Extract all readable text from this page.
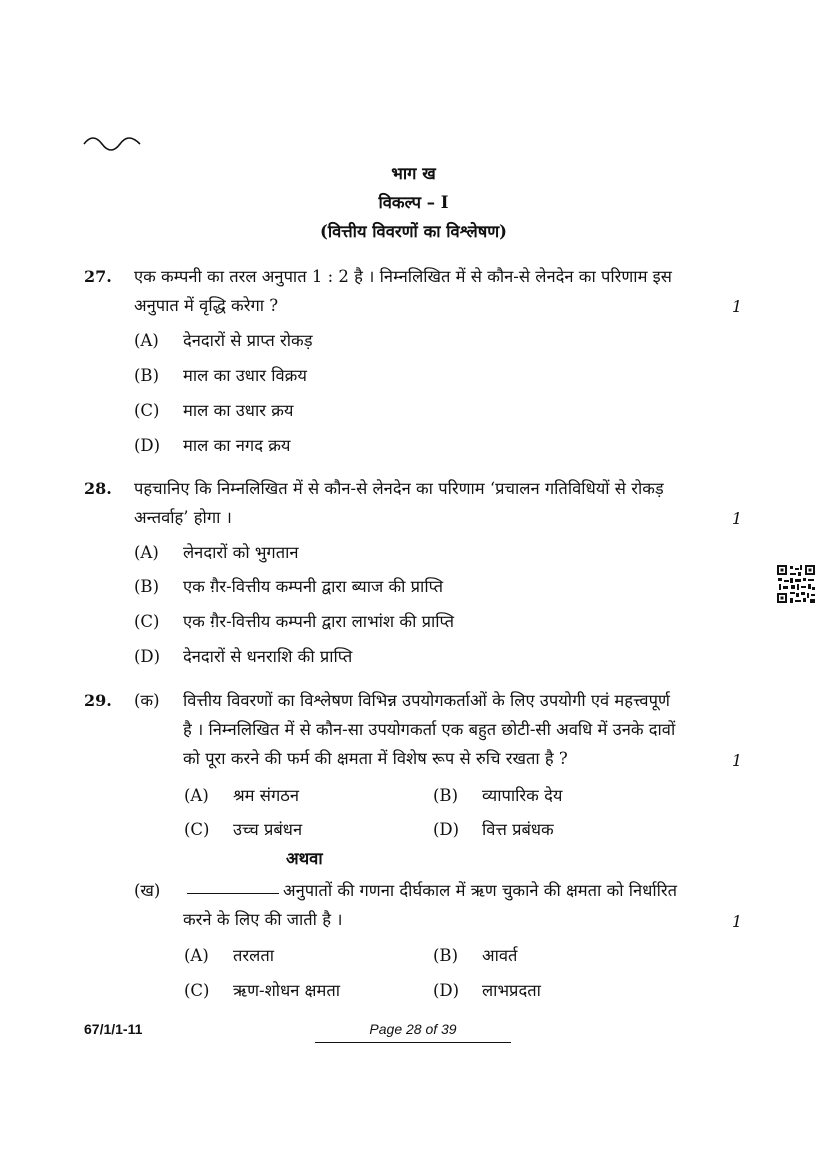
भाग ख
विकल्प – I
(वित्तीय विवरणों का विश्लेषण)
27. एक कम्पनी का तरल अनुपात 1 : 2 है । निम्नलिखित में से कौन-से लेनदेन का परिणाम इस
अनुपात में वृद्धि करेगा ?	1
(A) देनदारों से प्राप्त रोकड़
(B) माल का उधार विक्रय
(C) माल का उधार क्रय
(D) माल का नगद क्रय
28. पहचानिए कि निम्नलिखित में से कौन-से लेनदेन का परिणाम ‘प्रचालन गतिविधियों से रोकड़
अन्तर्वाह’ होगा ।	1
(A) लेनदारों को भुगतान
(B) एक ग़ैर-वित्तीय कम्पनी द्वारा ब्याज की प्राप्ति
(C) एक ग़ैर-वित्तीय कम्पनी द्वारा लाभांश की प्राप्ति
(D) देनदारों से धनराशि की प्राप्ति
29. (क) वित्तीय विवरणों का विश्लेषण विभिन्न उपयोगकर्ताओं के लिए उपयोगी एवं महत्त्वपूर्ण
है । निम्नलिखित में से कौन-सा उपयोगकर्ता एक बहुत छोटी-सी अवधि में उनके दावों
को पूरा करने की फर्म की क्षमता में विशेष रूप से रुचि रखता है ?	1
(A) श्रम संगठन	(B) व्यापारिक देय
(C) उच्च प्रबंधन	(D) वित्त प्रबंधक
अथवा
(ख)	अनुपातों की गणना दीर्घकाल में ऋण चुकाने की क्षमता को निर्धारित
करने के लिए की जाती है ।	1
(A) तरलता	(B) आवर्त
(C) ऋण-शोधन क्षमता	(D) लाभप्रदता
67/1/1-11	Page 28 of 39
